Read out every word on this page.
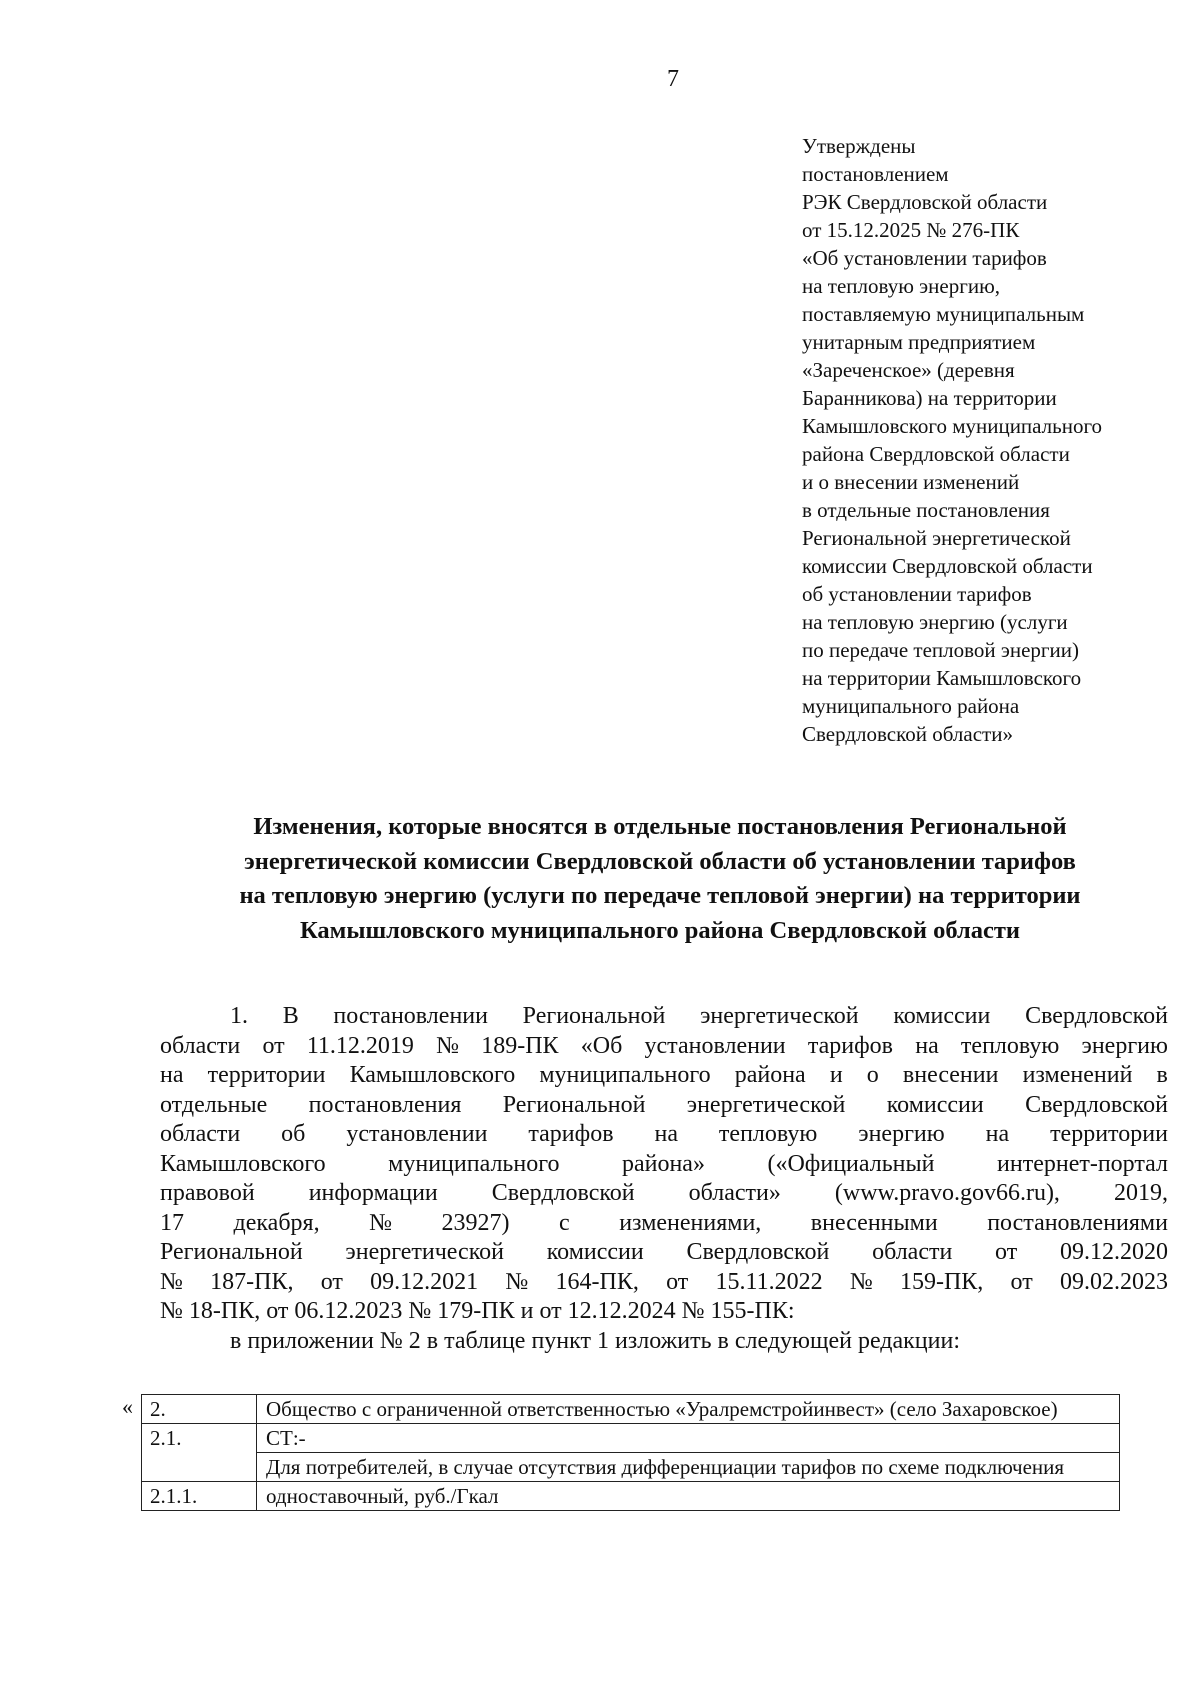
7
Утверждены
постановлением
РЭК Свердловской области
от 15.12.2025 № 276-ПК
«Об установлении тарифов
на тепловую энергию,
поставляемую муниципальным
унитарным предприятием
«Зареченское» (деревня
Баранникова) на территории
Камышловского муниципального
района Свердловской области
и о внесении изменений
в отдельные постановления
Региональной энергетической
комиссии Свердловской области
об установлении тарифов
на тепловую энергию (услуги
по передаче тепловой энергии)
на территории Камышловского
муниципального района
Свердловской области»
Изменения, которые вносятся в отдельные постановления Региональной
энергетической комиссии Свердловской области об установлении тарифов
на тепловую энергию (услуги по передаче тепловой энергии) на территории
Камышловского муниципального района Свердловской области
1. В постановлении Региональной энергетической комиссии Свердловской
области от 11.12.2019 № 189-ПК «Об установлении тарифов на тепловую энергию
на территории Камышловского муниципального района и о внесении изменений в
отдельные постановления Региональной энергетической комиссии Свердловской
области об установлении тарифов на тепловую энергию на территории
Камышловского	муниципального	района»	(«Официальный	интернет-портал
правовой информации Свердловской области» (www.pravo.gov66.ru), 2019,
17 декабря, № 23927) с изменениями, внесенными постановлениями
Региональной энергетической комиссии Свердловской области от 09.12.2020
№ 187-ПК, от 09.12.2021 № 164-ПК, от 15.11.2022 № 159-ПК, от 09.02.2023
№ 18-ПК, от 06.12.2023 № 179-ПК и от 12.12.2024 № 155-ПК:
в приложении № 2 в таблице пункт 1 изложить в следующей редакции:
« 2.	Общество с ограниченной ответственностью «Уралремстройинвест» (село Захаровское)
2.1.	СТ:-
	Для потребителей, в случае отсутствия дифференциации тарифов по схеме подключения
2.1.1.	одноставочный, руб./Гкал
